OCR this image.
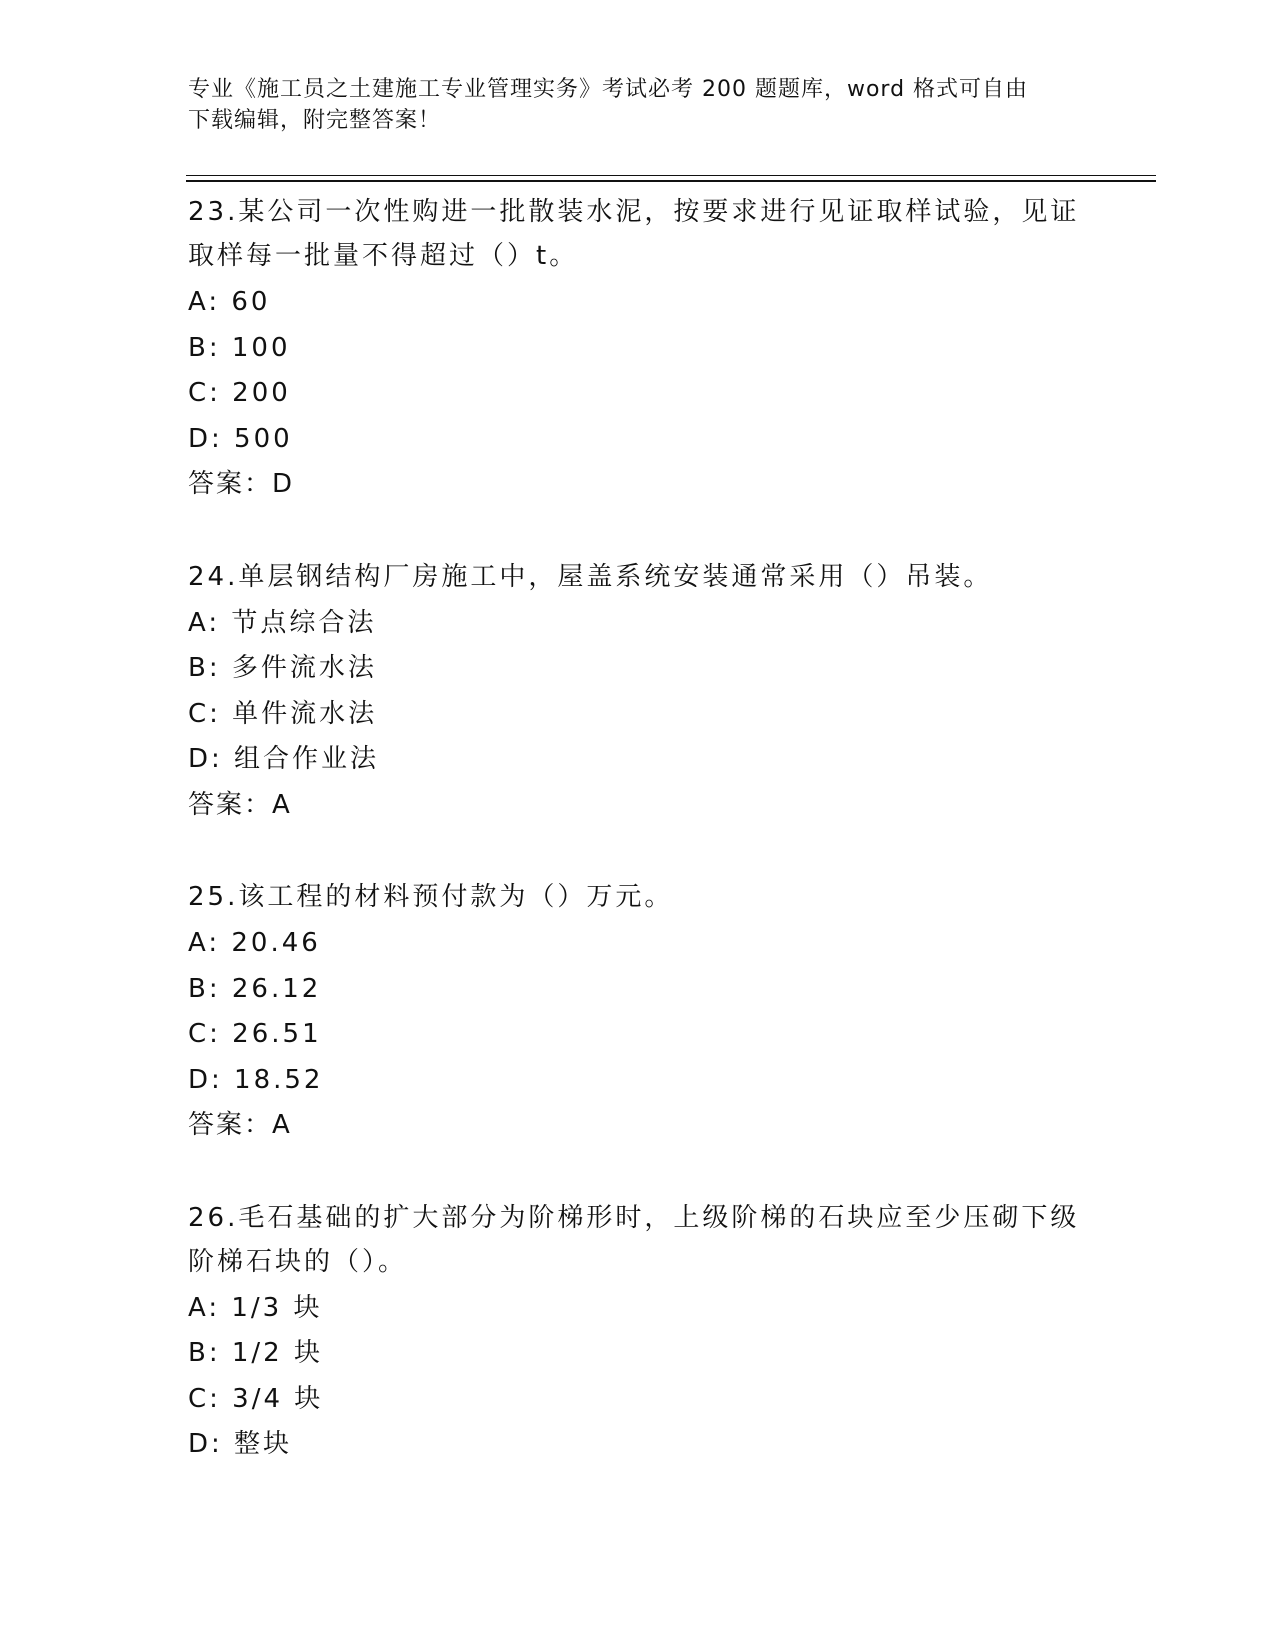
专业《施工员之土建施工专业管理实务》考试必考 200 题题库，word 格式可自由
下载编辑，附完整答案！
23.某公司一次性购进一批散装水泥，按要求进行见证取样试验，见证
取样每一批量不得超过（）t。
A: 60
B: 100
C: 200
D: 500
答案：D
24.单层钢结构厂房施工中，屋盖系统安装通常采用（）吊装。
A: 节点综合法
B: 多件流水法
C: 单件流水法
D: 组合作业法
答案：A
25.该工程的材料预付款为（）万元。
A: 20.46
B: 26.12
C: 26.51
D: 18.52
答案：A
26.毛石基础的扩大部分为阶梯形时，上级阶梯的石块应至少压砌下级
阶梯石块的（）。
A: 1/3 块
B: 1/2 块
C: 3/4 块
D: 整块
